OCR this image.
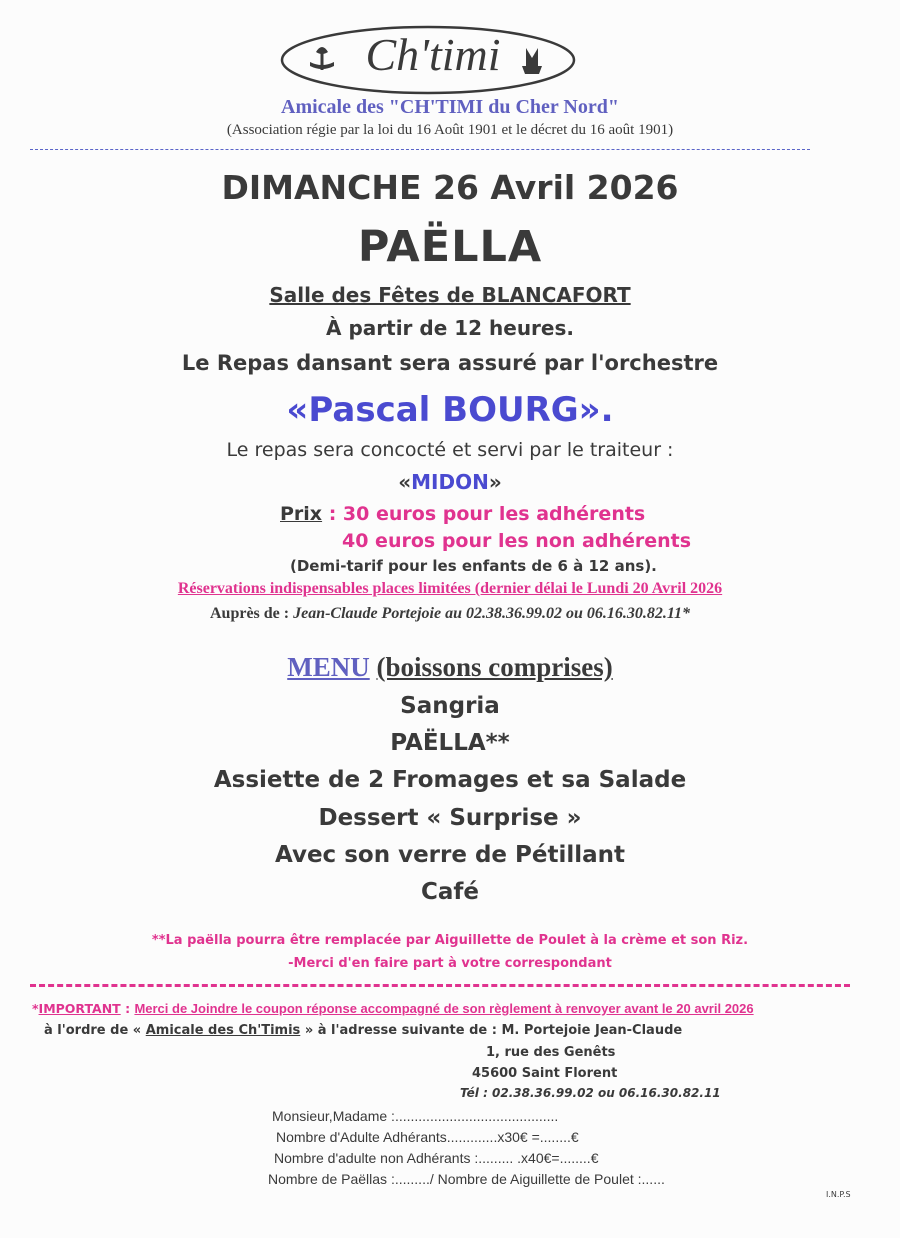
Ch'timi
Amicale des "CH'TIMI du Cher Nord"
(Association régie par la loi du 16 Août 1901 et le décret du 16 août 1901)
DIMANCHE 26 Avril 2026
PAËLLA
Salle des Fêtes de BLANCAFORT
À partir de 12 heures.
Le Repas dansant sera assuré par l'orchestre
«Pascal BOURG».
Le repas sera concocté et servi par le traiteur :
«MIDON»
Prix : 30 euros pour les adhérents
40 euros pour les non adhérents
(Demi-tarif pour les enfants de 6 à 12 ans).
Réservations indispensables places limitées (dernier délai le Lundi 20 Avril 2026
Auprès de : Jean-Claude Portejoie au 02.38.36.99.02 ou 06.16.30.82.11*
MENU (boissons comprises)
Sangria
PAËLLA**
Assiette de 2 Fromages et sa Salade
Dessert « Surprise »
Avec son verre de Pétillant
Café
**La paëlla pourra être remplacée par Aiguillette de Poulet à la crème et son Riz.
-Merci d'en faire part à votre correspondant
*IMPORTANT : Merci de Joindre le coupon réponse accompagné de son règlement à renvoyer avant le 20 avril 2026
à l'ordre de « Amicale des Ch'Timis » à l'adresse suivante de : M. Portejoie Jean-Claude
1, rue des Genêts
45600 Saint Florent
Tél : 02.38.36.99.02 ou 06.16.30.82.11
Monsieur,Madame :..........................................
Nombre d'Adulte Adhérants.............x30€ =........€
Nombre d'adulte non Adhérants :......... .x40€=........€
Nombre de Paëllas :........./ Nombre de Aiguillette de Poulet :......
I.N.P.S
